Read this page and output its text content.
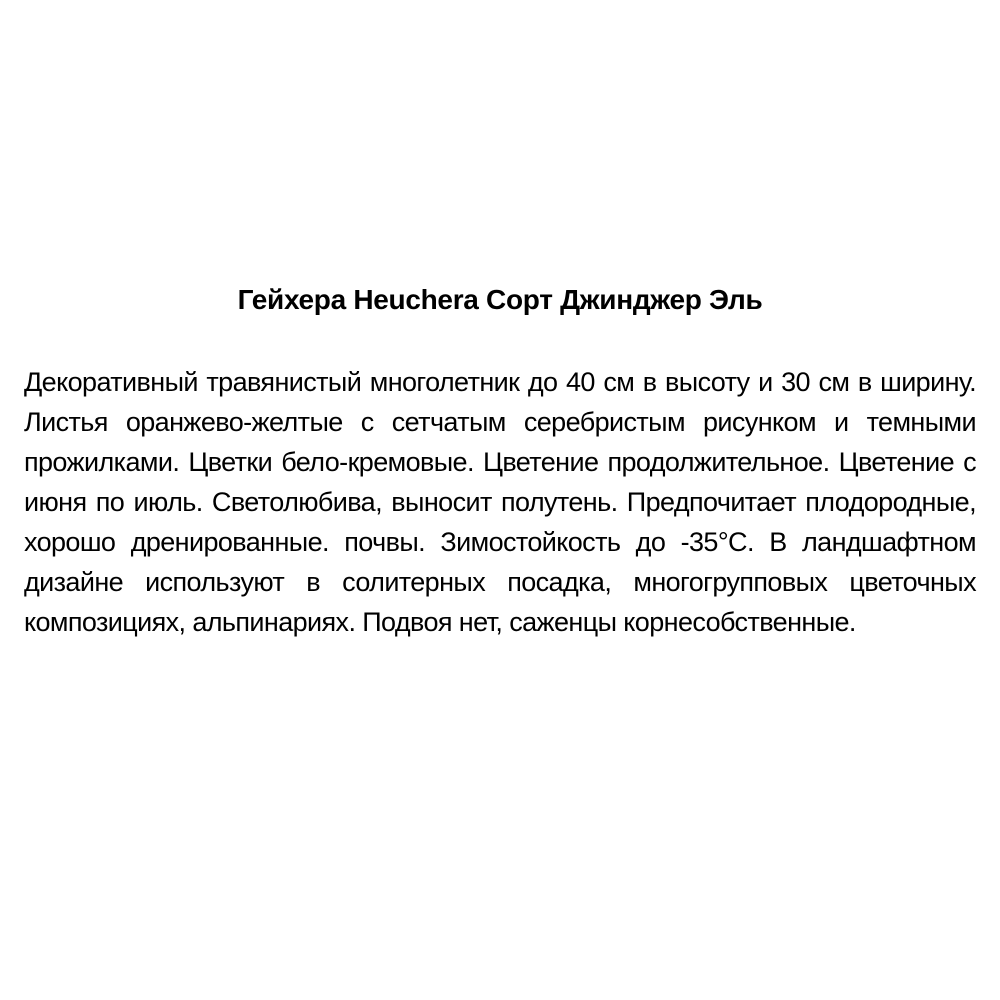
Гейхера Heuchera Сорт Джинджер Эль

Декоративный травянистый многолетник до 40 см в высоту и 30 см в ширину. Листья оранжево-желтые с сетчатым серебристым рисунком и темными прожилками. Цветки бело-кремовые. Цветение продолжительное. Цветение с июня по июль. Светолюбива, выносит полутень. Предпочитает плодородные, хорошо дренированные. почвы. Зимостойкость до -35°С. В ландшафтном дизайне используют в солитерных посадка, многогрупповых цветочных композициях, альпинариях. Подвоя нет, саженцы корнесобственные.
